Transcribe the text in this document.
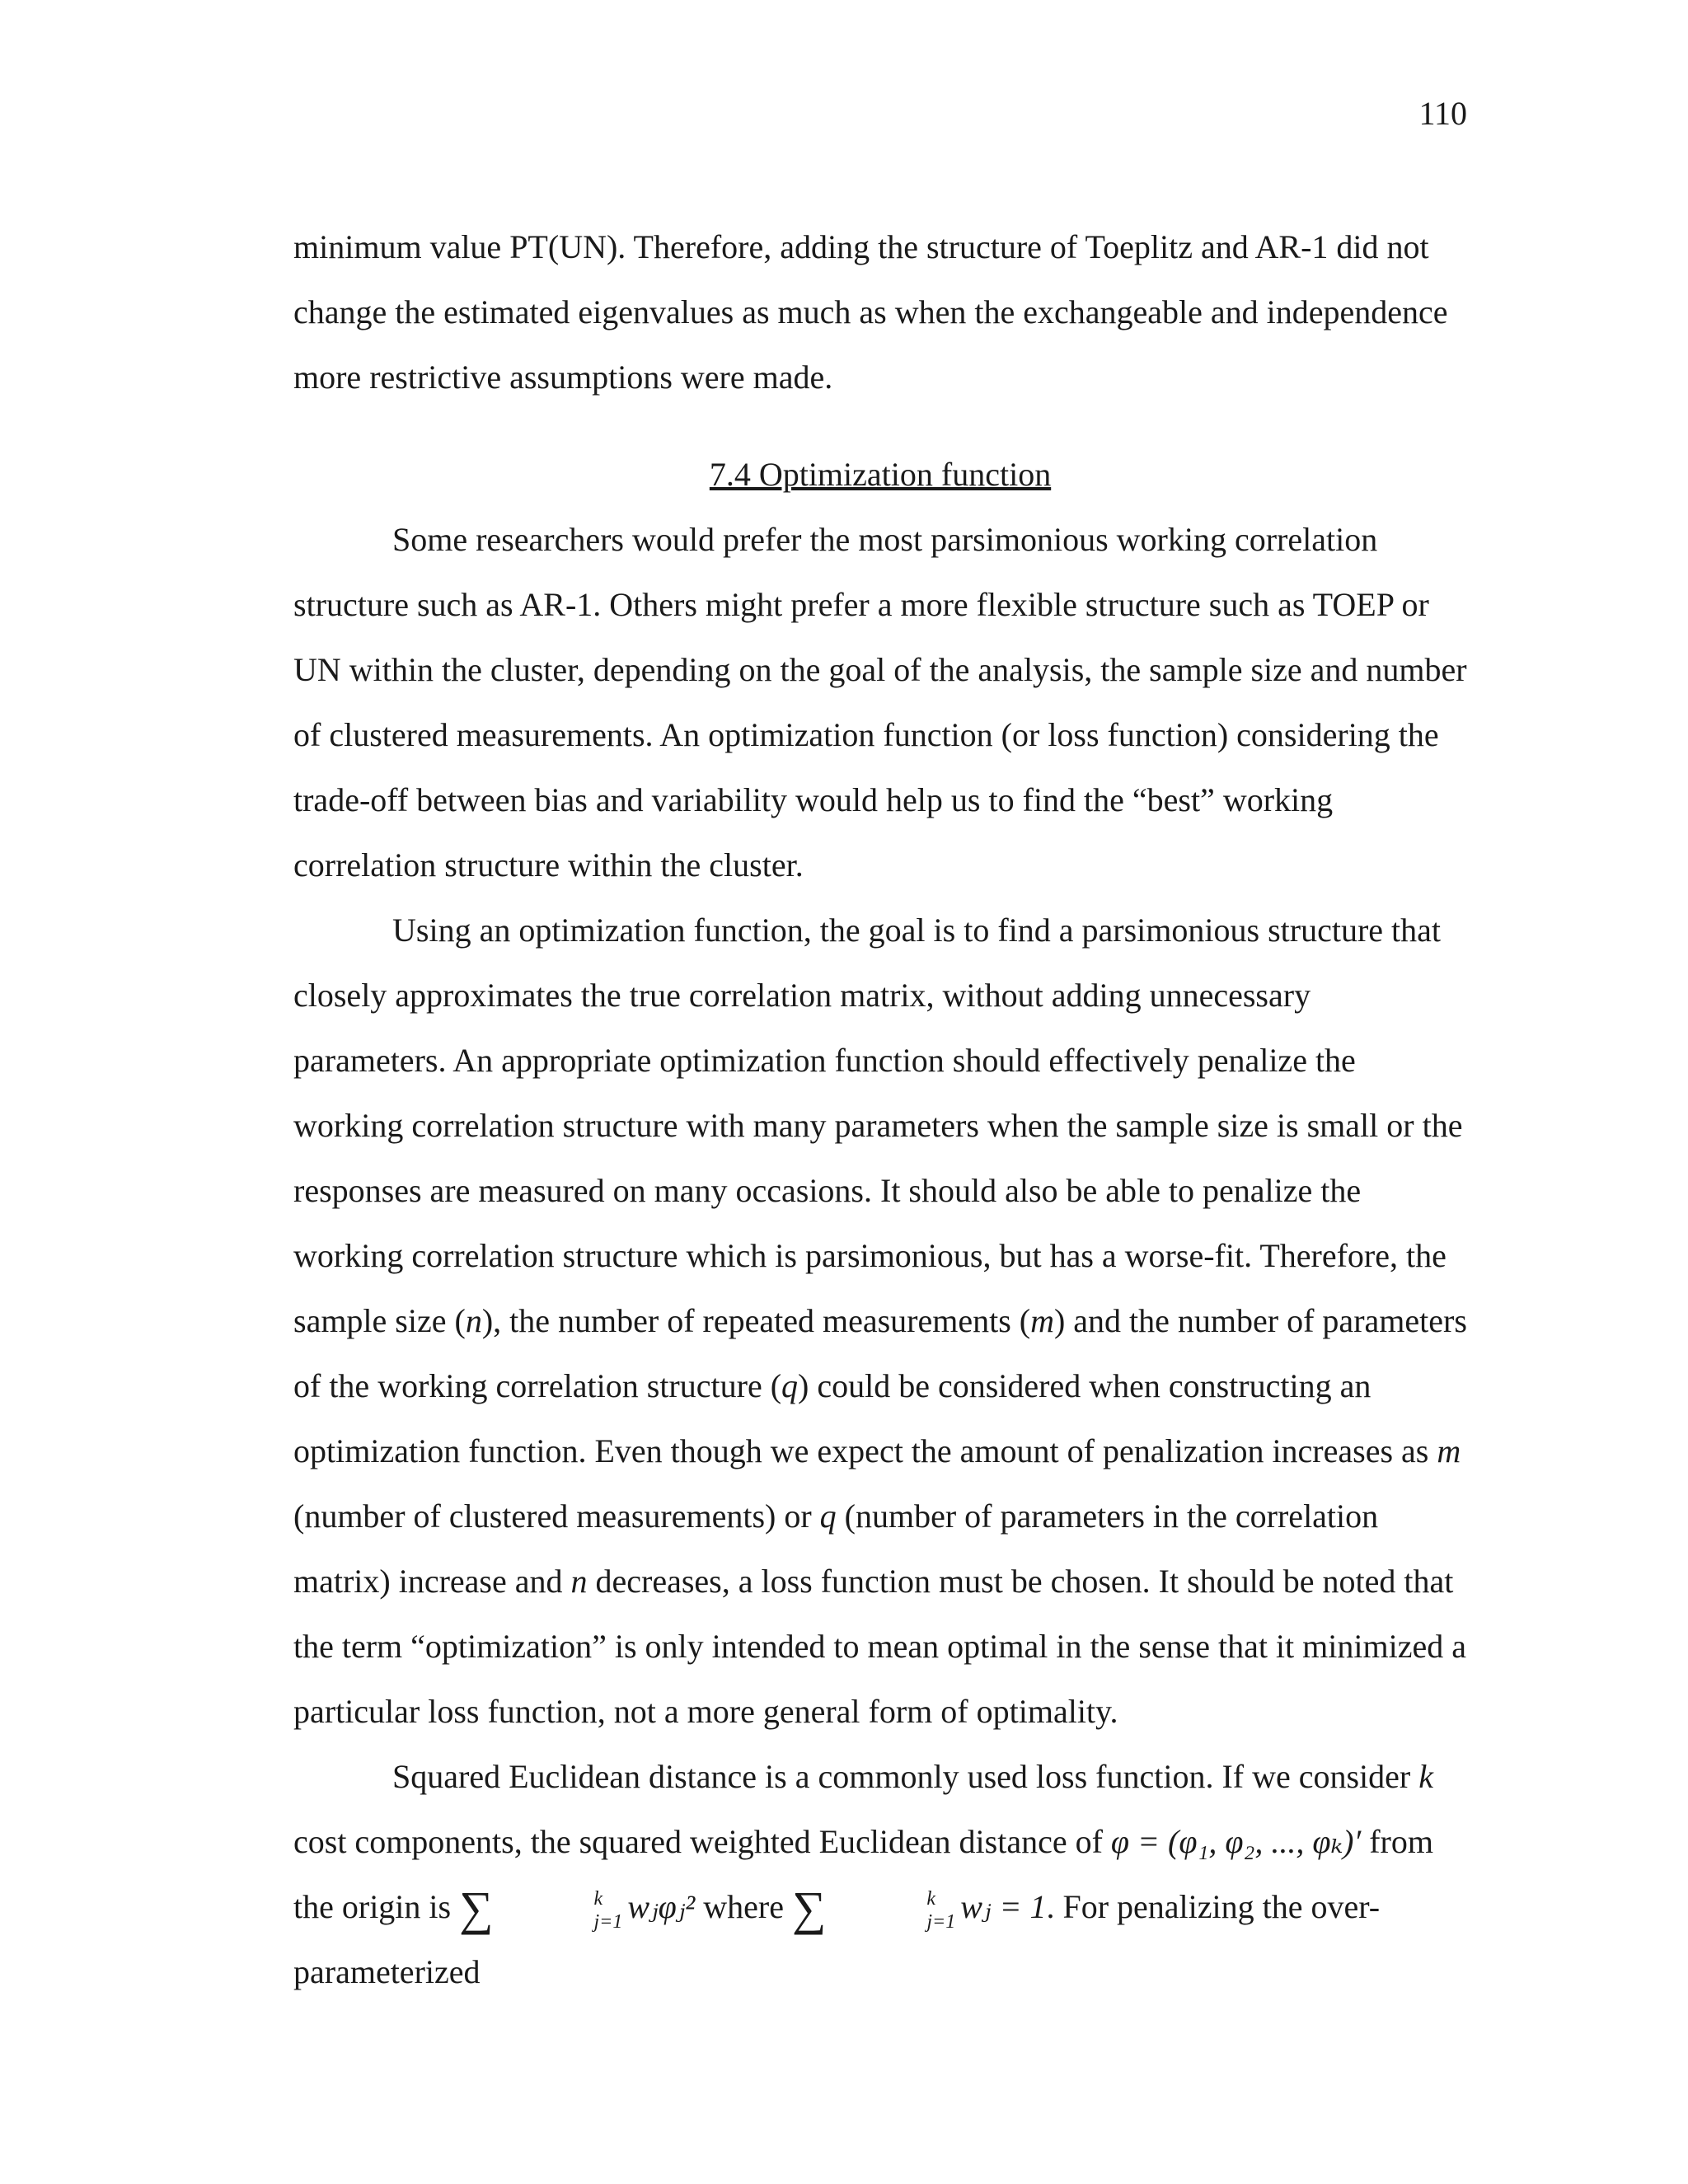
110

minimum value PT(UN). Therefore, adding the structure of Toeplitz and AR-1 did not change the estimated eigenvalues as much as when the exchangeable and independence more restrictive assumptions were made.

7.4 Optimization function

Some researchers would prefer the most parsimonious working correlation structure such as AR-1. Others might prefer a more flexible structure such as TOEP or UN within the cluster, depending on the goal of the analysis, the sample size and number of clustered measurements. An optimization function (or loss function) considering the trade-off between bias and variability would help us to find the “best” working correlation structure within the cluster.

Using an optimization function, the goal is to find a parsimonious structure that closely approximates the true correlation matrix, without adding unnecessary parameters. An appropriate optimization function should effectively penalize the working correlation structure with many parameters when the sample size is small or the responses are measured on many occasions. It should also be able to penalize the working correlation structure which is parsimonious, but has a worse-fit. Therefore, the sample size (n), the number of repeated measurements (m) and the number of parameters of the working correlation structure (q) could be considered when constructing an optimization function. Even though we expect the amount of penalization increases as m (number of clustered measurements) or q (number of parameters in the correlation matrix) increase and n decreases, a loss function must be chosen. It should be noted that the term “optimization” is only intended to mean optimal in the sense that it minimized a particular loss function, not a more general form of optimality.

Squared Euclidean distance is a commonly used loss function. If we consider k cost components, the squared weighted Euclidean distance of φ = (φ₁, φ₂, ..., φₖ)′ from the origin is ∑	k
j=1 wⱼφⱼ² where ∑	k
j=1 wⱼ = 1. For penalizing the over-parameterized
